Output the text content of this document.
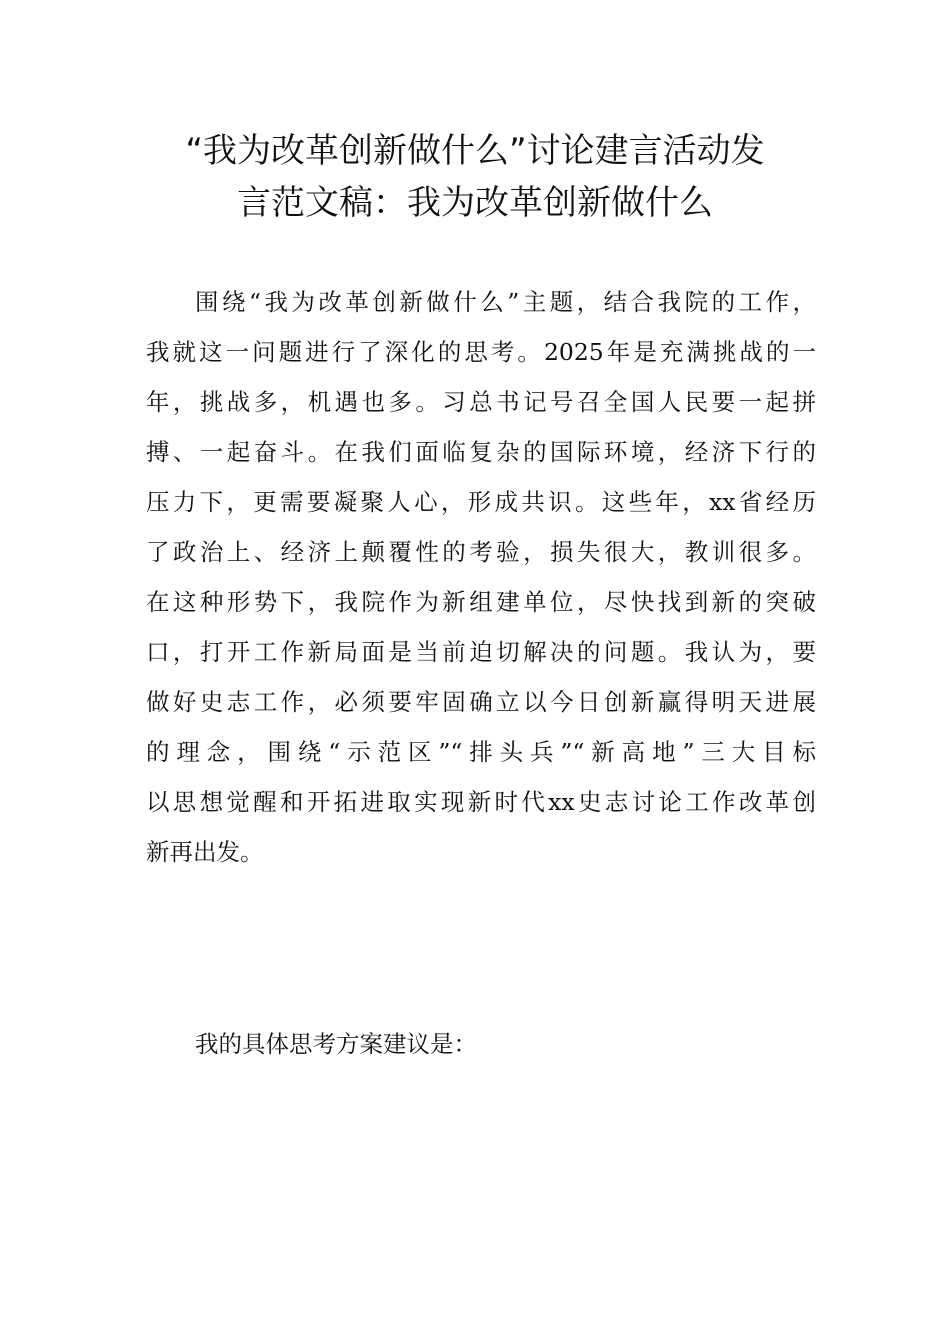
“我为改革创新做什么”讨论建言活动发
言范文稿：我为改革创新做什么
围绕“我为改革创新做什么”主题，结合我院的工作，
我就这一问题进行了深化的思考。2025年是充满挑战的一
年，挑战多，机遇也多。习总书记号召全国人民要一起拼
搏、一起奋斗。在我们面临复杂的国际环境，经济下行的
压力下，更需要凝聚人心，形成共识。这些年，xx省经历
了政治上、经济上颠覆性的考验，损失很大，教训很多。
在这种形势下，我院作为新组建单位，尽快找到新的突破
口，打开工作新局面是当前迫切解决的问题。我认为，要
做好史志工作，必须要牢固确立以今日创新赢得明天进展
的理念，围绕“示范区”“排头兵”“新高地”三大目标
以思想觉醒和开拓进取实现新时代xx史志讨论工作改革创
新再出发。
我的具体思考方案建议是：
